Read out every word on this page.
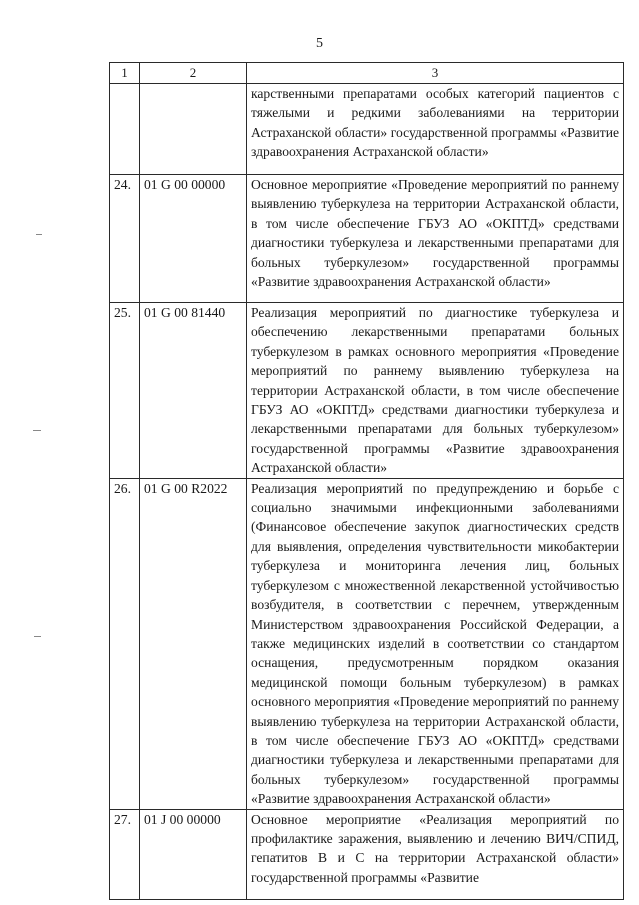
5
1	2	3
		карственными препаратами особых категорий пациентов с тяжелыми и редкими заболеваниями на территории Астраханской области» государственной программы «Развитие здравоохранения Астраханской области»
24.	01 G 00 00000	Основное мероприятие «Проведение мероприятий по раннему выявлению туберкулеза на территории Астраханской области, в том числе обеспечение ГБУЗ АО «ОКПТД» средствами диагностики туберкулеза и лекарственными препаратами для больных туберкулезом» государственной программы «Развитие здравоохранения Астраханской области»
25.	01 G 00 81440	Реализация мероприятий по диагностике туберкулеза и обеспечению лекарственными препаратами больных туберкулезом в рамках основного мероприятия «Проведение мероприятий по раннему выявлению туберкулеза на территории Астраханской области, в том числе обеспечение ГБУЗ АО «ОКПТД» средствами диагностики туберкулеза и лекарственными препаратами для больных туберкулезом» государственной программы «Развитие здравоохранения Астраханской области»
26.	01 G 00 R2022	Реализация мероприятий по предупреждению и борьбе с социально значимыми инфекционными заболеваниями (Финансовое обеспечение закупок диагностических средств для выявления, определения чувствительности микобактерии туберкулеза и мониторинга лечения лиц, больных туберкулезом с множественной лекарственной устойчивостью возбудителя, в соответствии с перечнем, утвержденным Министерством здравоохранения Российской Федерации, а также медицинских изделий в соответствии со стандартом оснащения, предусмотренным порядком оказания медицинской помощи больным туберкулезом) в рамках основного мероприятия «Проведение мероприятий по раннему выявлению туберкулеза на территории Астраханской области, в том числе обеспечение ГБУЗ АО «ОКПТД» средствами диагностики туберкулеза и лекарственными препаратами для больных туберкулезом» государственной программы «Развитие здравоохранения Астраханской области»
27.	01 J 00 00000	Основное мероприятие «Реализация мероприятий по профилактике заражения, выявлению и лечению ВИЧ/СПИД, гепатитов В и С на территории Астраханской области» государственной программы «Развитие
